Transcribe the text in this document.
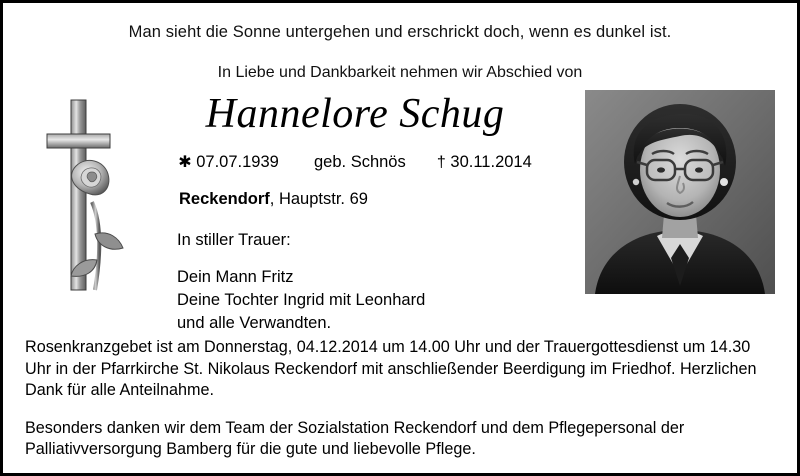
Man sieht die Sonne untergehen und erschrickt doch, wenn es dunkel ist.
In Liebe und Dankbarkeit nehmen wir Abschied von
Hannelore Schug
✱ 07.07.1939 geb. Schnös † 30.11.2014
Reckendorf, Hauptstr. 69
In stiller Trauer:
Dein Mann Fritz
Deine Tochter Ingrid mit Leonhard
und alle Verwandten.

Rosenkranzgebet ist am Donnerstag, 04.12.2014 um 14.00 Uhr und der Trauergottesdienst um 14.30 Uhr in der Pfarrkirche St. Nikolaus Reckendorf mit anschließender Beerdigung im Friedhof. Herzlichen Dank für alle Anteilnahme.

Besonders danken wir dem Team der Sozialstation Reckendorf und dem Pflegepersonal der Palliativversorgung Bamberg für die gute und liebevolle Pflege.
